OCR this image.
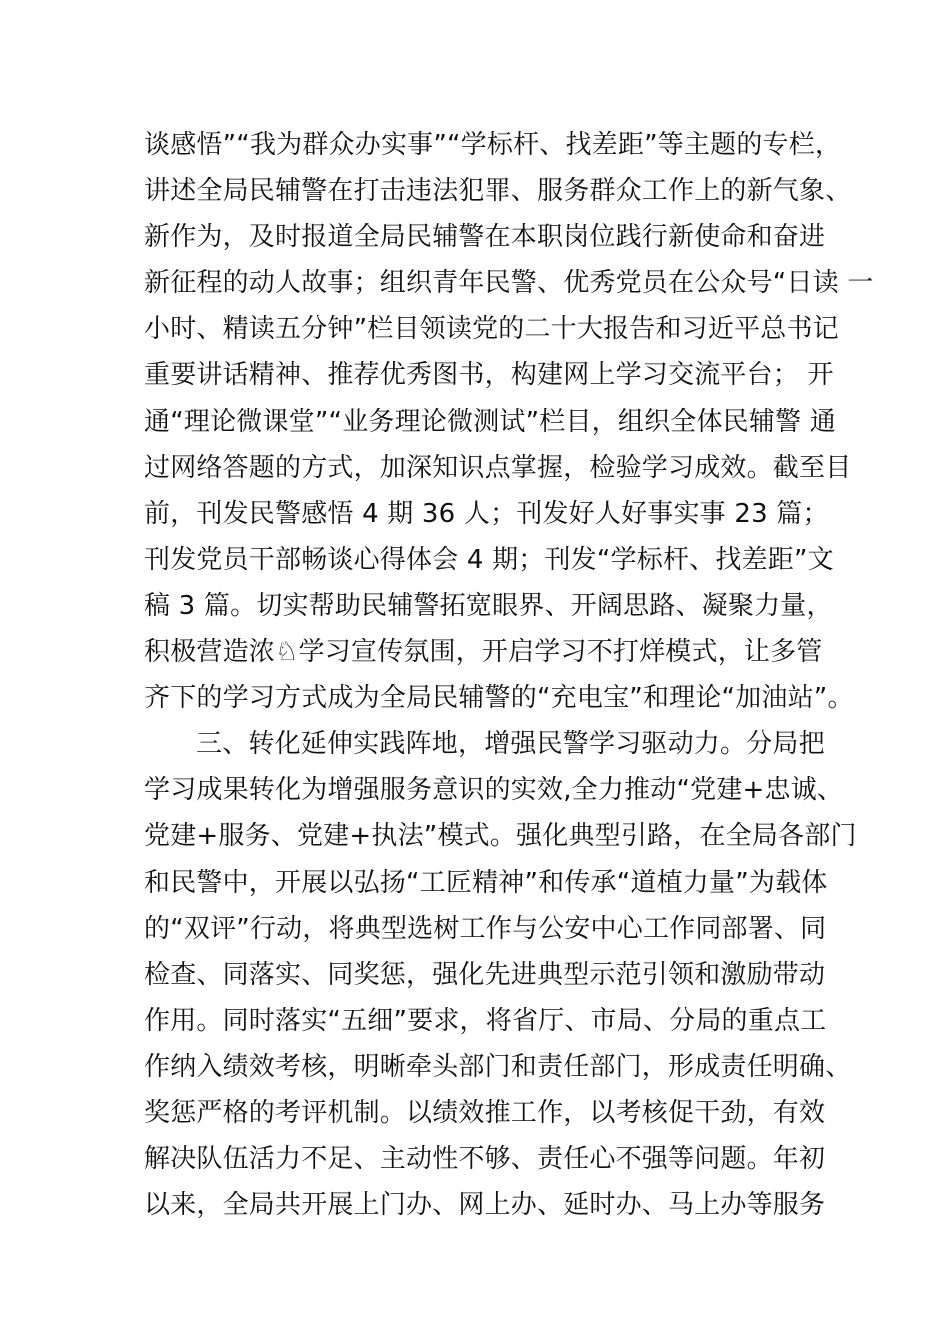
谈感悟”“我为群众办实事”“学标杆、找差距”等主题的专栏，
讲述全局民辅警在打击违法犯罪、服务群众工作上的新气象、
新作为，及时报道全局民辅警在本职岗位践行新使命和奋进
新征程的动人故事；组织青年民警、优秀党员在公众号“日读 一
小时、精读五分钟”栏目领读党的二十大报告和习近平总书记
重要讲话精神、推荐优秀图书，构建网上学习交流平台； 开
通“理论微课堂”“业务理论微测试”栏目，组织全体民辅警 通
过网络答题的方式，加深知识点掌握，检验学习成效。截至目
前，刊发民警感悟 4 期 36 人；刊发好人好事实事 23 篇；
刊发党员干部畅谈心得体会 4 期；刊发“学标杆、找差距”文
稿 3 篇。切实帮助民辅警拓宽眼界、开阔思路、凝聚力量，
积极营造浓♘学习宣传氛围，开启学习不打烊模式，让多管
齐下的学习方式成为全局民辅警的“充电宝”和理论“加油站”。
三、转化延伸实践阵地，增强民警学习驱动力。分局把
学习成果转化为增强服务意识的实效,全力推动“党建+忠诚、
党建+服务、党建+执法”模式。强化典型引路，在全局各部门
和民警中，开展以弘扬“工匠精神”和传承“道植力量”为载体
的“双评”行动，将典型选树工作与公安中心工作同部署、同
检查、同落实、同奖惩，强化先进典型示范引领和激励带动
作用。同时落实“五细”要求，将省厅、市局、分局的重点工
作纳入绩效考核，明晰牵头部门和责任部门，形成责任明确、
奖惩严格的考评机制。以绩效推工作，以考核促干劲，有效
解决队伍活力不足、主动性不够、责任心不强等问题。年初
以来，全局共开展上门办、网上办、延时办、马上办等服务
